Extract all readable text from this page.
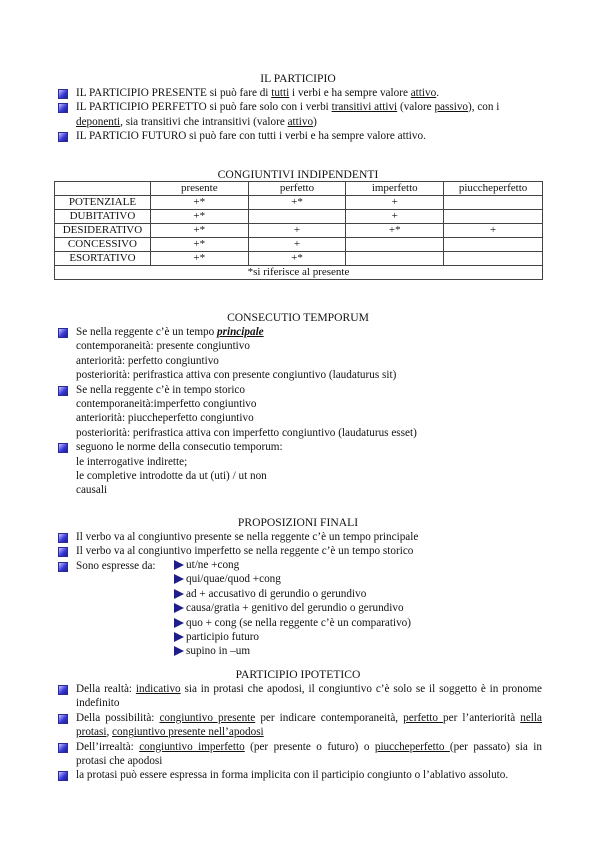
IL PARTICIPIO
IL PARTICIPIO PRESENTE si può fare di tutti i verbi e ha sempre valore attivo.
IL PARTICIPIO PERFETTO si può fare solo con i verbi transitivi attivi (valore passivo), con i deponenti, sia transitivi che intransitivi (valore attivo)
IL PARTICIO FUTURO si può fare con tutti i verbi e ha sempre valore attivo.
CONGIUNTIVI INDIPENDENTI
	presente	perfetto	imperfetto	piuccheperfetto
POTENZIALE	+*	+*	+	
DUBITATIVO	+*		+	
DESIDERATIVO	+*	+	+*	+
CONCESSIVO	+*	+		
ESORTATIVO	+*	+*		
*si riferisce al presente				
CONSECUTIO TEMPORUM
Se nella reggente c’è un tempo principale
contemporaneità: presente congiuntivo
anteriorità: perfetto congiuntivo
posteriorità: perifrastica attiva con presente congiuntivo (laudaturus sit)
Se nella reggente c’è in tempo storico
contemporaneità:imperfetto congiuntivo
anteriorità: piuccheperfetto congiuntivo
posteriorità: perifrastica attiva con imperfetto congiuntivo (laudaturus esset)
seguono le norme della consecutio temporum:
le interrogative indirette;
le completive introdotte da ut (uti) / ut non
causali
PROPOSIZIONI FINALI
Il verbo va al congiuntivo presente se nella reggente c’è un tempo principale
Il verbo va al congiuntivo imperfetto se nella reggente c’è un tempo storico
Sono espresse da:	ut/ne +cong
qui/quae/quod +cong
ad + accusativo di gerundio o gerundivo
causa/gratia + genitivo del gerundio o gerundivo
quo + cong (se nella reggente c’è un comparativo)
participio futuro
supino in –um
PARTICIPIO IPOTETICO
Della realtà: indicativo sia in protasi che apodosi, il congiuntivo c’è solo se il soggetto è in pronome indefinito
Della possibilità: congiuntivo presente per indicare contemporaneità, perfetto per l’anteriorità nella protasi, congiuntivo presente nell’apodosi
Dell’irrealtà: congiuntivo imperfetto (per presente o futuro) o piuccheperfetto (per passato) sia in protasi che apodosi
la protasi può essere espressa in forma implicita con il participio congiunto o l’ablativo assoluto.
